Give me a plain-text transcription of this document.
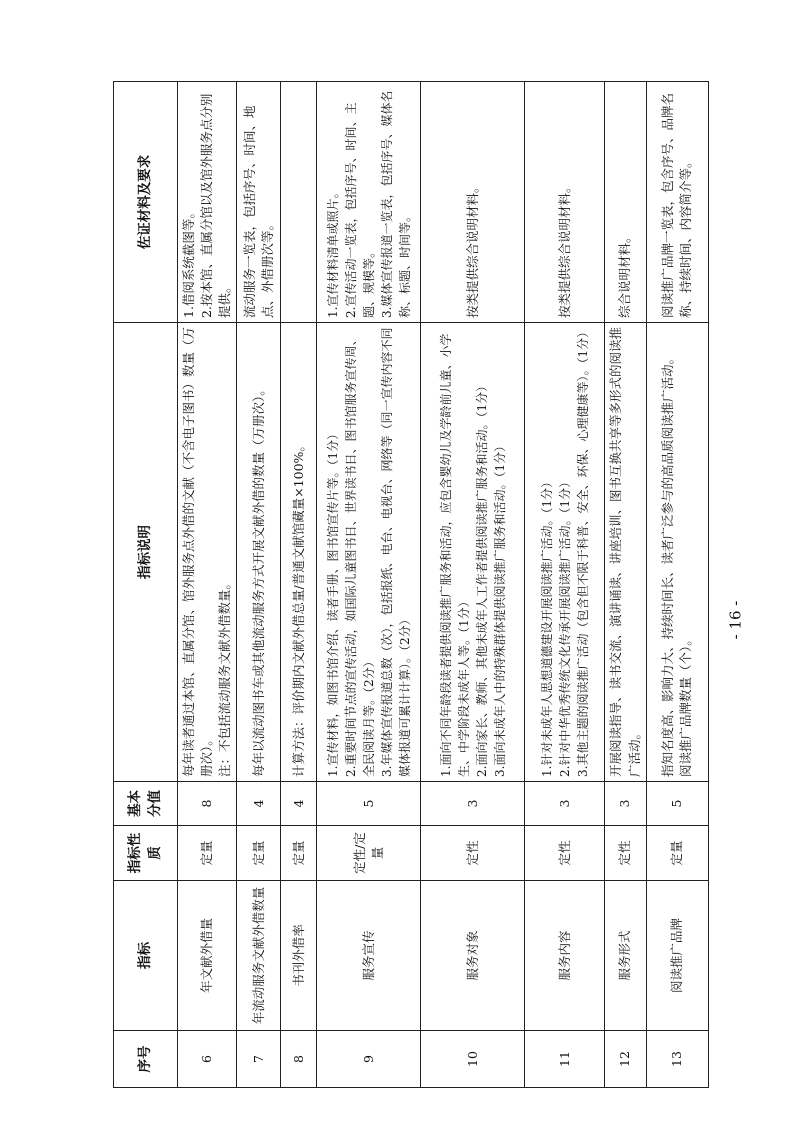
序号	指标	指标性质	基本分值	指标说明	佐证材料及要求
6	年文献外借量	定量	8	每年读者通过本馆、直属分馆、馆外服务点外借的文献（不含电子图书）数量（万册次）。 注：不包括流动服务文献外借数量。	1.借阅系统截图等。 2.按本馆、直属分馆以及馆外服务点分别提供。
7	年流动服务文献外借数量	定量	4	每年以流动图书车或其他流动服务方式开展文献外借的数量（万册次）。	流动服务一览表，包括序号、时间、地点、外借册次等。
8	书刊外借率	定量	4	计算方法：评价期内文献外借总量/普通文献馆藏量×100%。	
9	服务宣传	定性/定量	5	1.宣传材料，如图书馆介绍、读者手册、图书馆宣传片等。（1分） 2.重要时间节点的宣传活动，如国际儿童图书日、世界读书日、图书馆服务宣传周、全民阅读月等。（2分） 3.年媒体宣传报道总数（次），包括报纸、电台、电视台、网络等（同一宣传内容不同媒体报道可累计计算）。（2分）	1.宣传材料清单或照片。 2.宣传活动一览表，包括序号、时间、主题、规模等。 3.媒体宣传报道一览表，包括序号、媒体名称、标题、时间等。
10	服务对象	定性	3	1.面向不同年龄段读者提供阅读推广服务和活动，应包含婴幼儿及学龄前儿童、小学生、中学阶段未成年人等。（1分） 2.面向家长、教师、其他未成年人工作者提供阅读推广服务和活动。（1分） 3.面向未成年人中的特殊群体提供阅读推广服务和活动。（1分）	按类提供综合说明材料。
11	服务内容	定性	3	1.针对未成年人思想道德建设开展阅读推广活动。（1分） 2.针对中华优秀传统文化传承开展阅读推广活动。（1分） 3.其他主题的阅读推广活动（包含但不限于科普、安全、环保、心理健康等）。（1分）	按类提供综合说明材料。
12	服务形式	定性	3	开展阅读指导、读书交流、演讲诵读、讲座培训、图书互换共享等多形式的阅读推广活动。	综合说明材料。
13	阅读推广品牌	定量	5	指知名度高、影响力大、持续时间长、读者广泛参与的高品质阅读推广活动。 阅读推广品牌数量（个）。	阅读推广品牌一览表，包含序号、品牌名称、持续时间、内容简介等。
- 16 -
